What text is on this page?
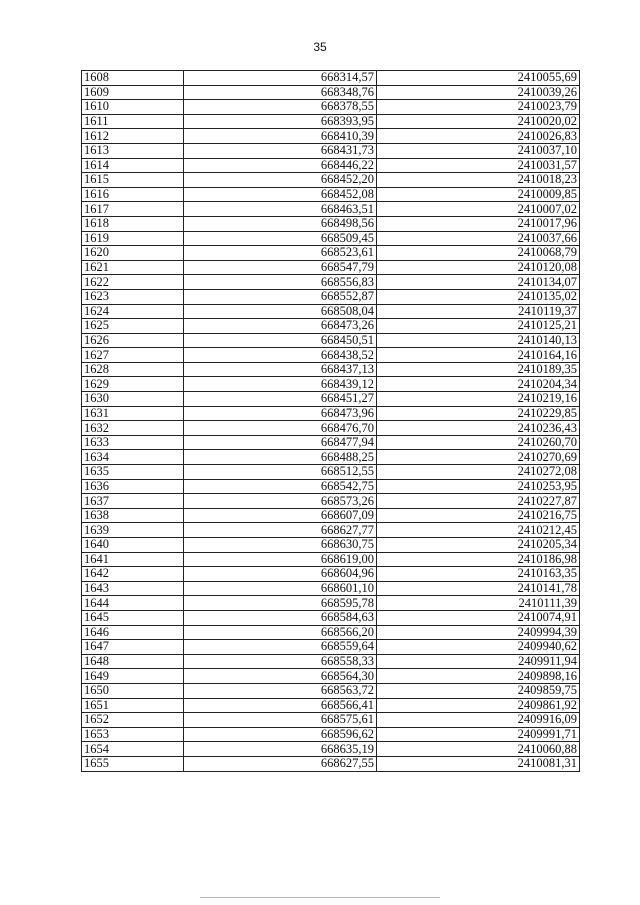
35
1608	668314,57	2410055,69
1609	668348,76	2410039,26
1610	668378,55	2410023,79
1611	668393,95	2410020,02
1612	668410,39	2410026,83
1613	668431,73	2410037,10
1614	668446,22	2410031,57
1615	668452,20	2410018,23
1616	668452,08	2410009,85
1617	668463,51	2410007,02
1618	668498,56	2410017,96
1619	668509,45	2410037,66
1620	668523,61	2410068,79
1621	668547,79	2410120,08
1622	668556,83	2410134,07
1623	668552,87	2410135,02
1624	668508,04	2410119,37
1625	668473,26	2410125,21
1626	668450,51	2410140,13
1627	668438,52	2410164,16
1628	668437,13	2410189,35
1629	668439,12	2410204,34
1630	668451,27	2410219,16
1631	668473,96	2410229,85
1632	668476,70	2410236,43
1633	668477,94	2410260,70
1634	668488,25	2410270,69
1635	668512,55	2410272,08
1636	668542,75	2410253,95
1637	668573,26	2410227,87
1638	668607,09	2410216,75
1639	668627,77	2410212,45
1640	668630,75	2410205,34
1641	668619,00	2410186,98
1642	668604,96	2410163,35
1643	668601,10	2410141,78
1644	668595,78	2410111,39
1645	668584,63	2410074,91
1646	668566,20	2409994,39
1647	668559,64	2409940,62
1648	668558,33	2409911,94
1649	668564,30	2409898,16
1650	668563,72	2409859,75
1651	668566,41	2409861,92
1652	668575,61	2409916,09
1653	668596,62	2409991,71
1654	668635,19	2410060,88
1655	668627,55	2410081,31
